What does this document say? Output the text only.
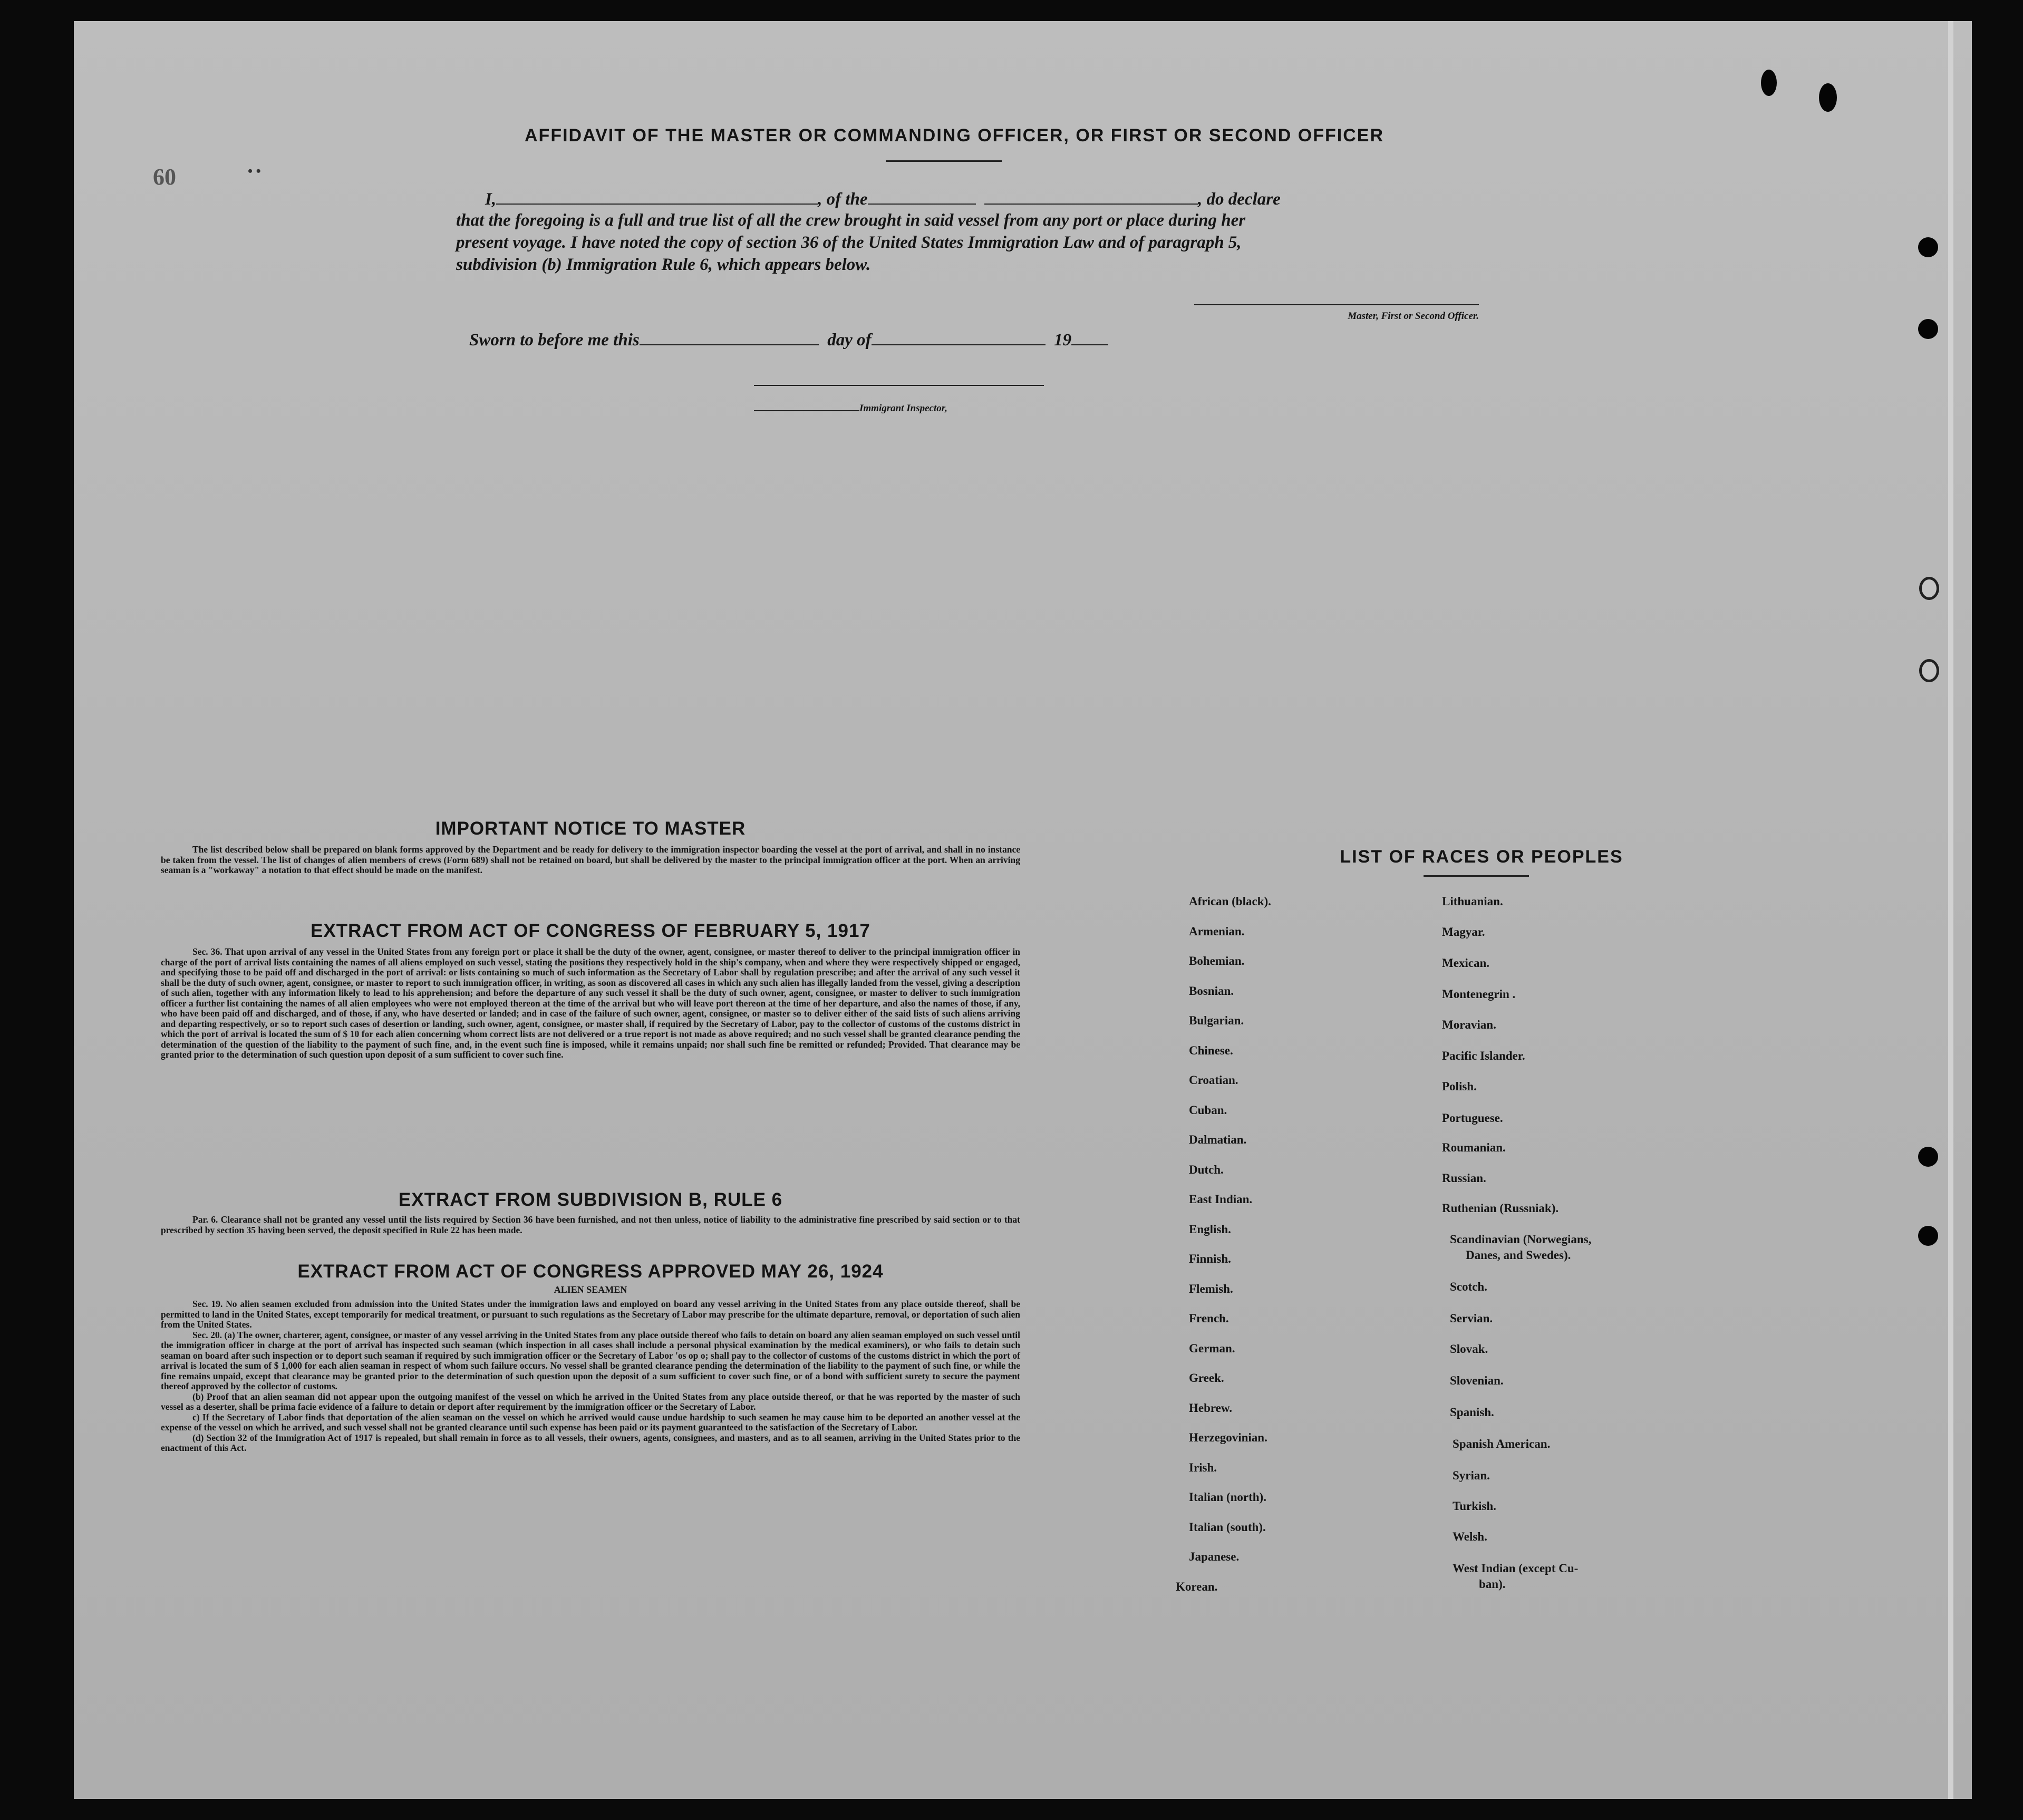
60	• •
AFFIDAVIT OF THE MASTER OR COMMANDING OFFICER, OR FIRST OR SECOND OFFICER
I,	, of the	, do declare
that the foregoing is a full and true list of all the crew brought in said vessel from any port or place during her
present voyage. I have noted the copy of section 36 of the United States Immigration Law and of paragraph 5,
subdivision (b) Immigration Rule 6, which appears below.
Master, First or Second Officer.
Sworn to before me this	day of	19
Immigrant Inspector,
IMPORTANT NOTICE TO MASTER

The list described below shall be prepared on blank forms approved by the Department and be ready for delivery to the immigration inspector boarding the vessel at the port of arrival, and shall in no instance be taken from the vessel. The list of changes of alien members of crews (Form 689) shall not be retained on board, but shall be delivered by the master to the principal immigration officer at the port. When an arriving seaman is a "workaway" a notation to that effect should be made on the manifest.

EXTRACT FROM ACT OF CONGRESS OF FEBRUARY 5, 1917

Sec. 36. That upon arrival of any vessel in the United States from any foreign port or place it shall be the duty of the owner, agent, consignee, or master thereof to deliver to the principal immigration officer in charge of the port of arrival lists containing the names of all aliens employed on such vessel, stating the positions they respectively hold in the ship's company, when and where they were respectively shipped or engaged, and specifying those to be paid off and discharged in the port of arrival: or lists containing so much of such information as the Secretary of Labor shall by regulation prescribe; and after the arrival of any such vessel it shall be the duty of such owner, agent, consignee, or master to report to such immigration officer, in writing, as soon as discovered all cases in which any such alien has illegally landed from the vessel, giving a description of such alien, together with any information likely to lead to his apprehension; and before the departure of any such vessel it shall be the duty of such owner, agent, consignee, or master to deliver to such immigration officer a further list containing the names of all alien employees who were not employed thereon at the time of the arrival but who will leave port thereon at the time of her departure, and also the names of those, if any, who have been paid off and discharged, and of those, if any, who have deserted or landed; and in case of the failure of such owner, agent, consignee, or master so to deliver either of the said lists of such aliens arriving and departing respectively, or so to report such cases of desertion or landing, such owner, agent, consignee, or master shall, if required by the Secretary of Labor, pay to the collector of customs of the customs district in which the port of arrival is located the sum of $ 10 for each alien concerning whom correct lists are not delivered or a true report is not made as above required; and no such vessel shall be granted clearance pending the determination of the question of the liability to the payment of such fine, and, in the event such fine is imposed, while it remains unpaid; nor shall such fine be remitted or refunded; Provided. That clearance may be granted prior to the determination of such question upon deposit of a sum sufficient to cover such fine.

EXTRACT FROM SUBDIVISION B, RULE 6

Par. 6. Clearance shall not be granted any vessel until the lists required by Section 36 have been furnished, and not then unless, notice of liability to the administrative fine prescribed by said section or to that prescribed by section 35 having been served, the deposit specified in Rule 22 has been made.

EXTRACT FROM ACT OF CONGRESS APPROVED MAY 26, 1924
ALIEN SEAMEN

Sec. 19. No alien seamen excluded from admission into the United States under the immigration laws and employed on board any vessel arriving in the United States from any place outside thereof, shall be permitted to land in the United States, except temporarily for medical treatment, or pursuant to such regulations as the Secretary of Labor may prescribe for the ultimate departure, removal, or deportation of such alien from the United States.

Sec. 20. (a) The owner, charterer, agent, consignee, or master of any vessel arriving in the United States from any place outside thereof who fails to detain on board any alien seaman employed on such vessel until the immigration officer in charge at the port of arrival has inspected such seaman (which inspection in all cases shall include a personal physical examination by the medical examiners), or who fails to detain such seaman on board after such inspection or to deport such seaman if required by such immigration officer or the Secretary of Labor 'os op o; shall pay to the collector of customs of the customs district in which the port of arrival is located the sum of $ 1,000 for each alien seaman in respect of whom such failure occurs. No vessel shall be granted clearance pending the determination of the liability to the payment of such fine, or while the fine remains unpaid, except that clearance may be granted prior to the determination of such question upon the deposit of a sum sufficient to cover such fine, or of a bond with sufficient surety to secure the payment thereof approved by the collector of customs.

(b) Proof that an alien seaman did not appear upon the outgoing manifest of the vessel on which he arrived in the United States from any place outside thereof, or that he was reported by the master of such vessel as a deserter, shall be prima facie evidence of a failure to detain or deport after requirement by the immigration officer or the Secretary of Labor.

c) If the Secretary of Labor finds that deportation of the alien seaman on the vessel on which he arrived would cause undue hardship to such seamen he may cause him to be deported an another vessel at the expense of the vessel on which he arrived, and such vessel shall not be granted clearance until such expense has been paid or its payment guaranteed to the satisfaction of the Secretary of Labor.

(d) Section 32 of the Immigration Act of 1917 is repealed, but shall remain in force as to all vessels, their owners, agents, consignees, and masters, and as to all seamen, arriving in the United States prior to the enactment of this Act.

LIST OF RACES OR PEOPLES
African (black).
Armenian.
Bohemian.
Bosnian.
Bulgarian.
Chinese.
Croatian.
Cuban.
Dalmatian.
Dutch.
East Indian.
English.
Finnish.
Flemish.
French.
German.
Greek.
Hebrew.
Herzegovinian.
Irish.
Italian (north).
Italian (south).
Japanese.
Korean.
Lithuanian.
Magyar.
Mexican.
Montenegrin .
Moravian.
Pacific Islander.
Polish.
Portuguese.
Roumanian.
Russian.
Ruthenian (Russniak).
Scandinavian (Norwegians,
Danes, and Swedes).
Scotch.
Servian.
Slovak.
Slovenian.
Spanish.
Spanish American.
Syrian.
Turkish.
Welsh.
West Indian (except Cu-
ban).
